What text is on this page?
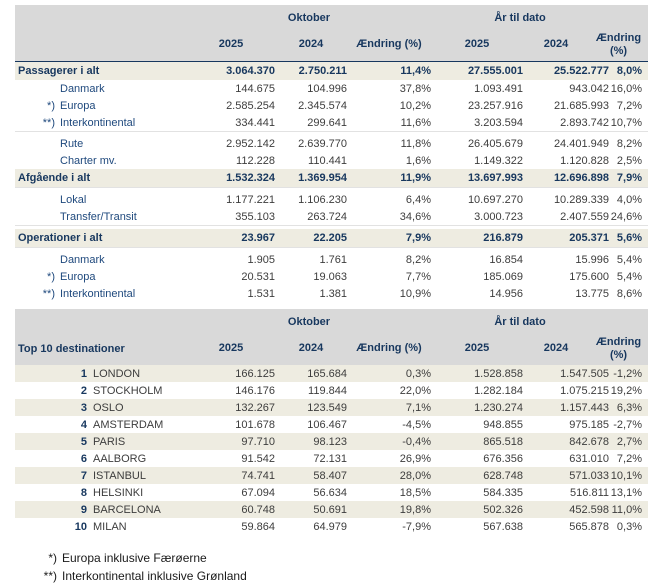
Oktober	År til dato
2025	2024	Ændring (%)	2025	2024
Ændring (%)
Passagerer i alt	3.064.370	2.750.211	11,4%	27.555.001	25.522.777 8,0%
Danmark	144.675	104.996	37,8%	1.093.491	943.042 16,0%
*) Europa	2.585.254	2.345.574	10,2%	23.257.916	21.685.993 7,2%
**) Interkontinental	334.441	299.641	11,6%	3.203.594	2.893.742 10,7%
Rute	2.952.142	2.639.770	11,8%	26.405.679	24.401.949 8,2%
Charter mv.	112.228	110.441	1,6%	1.149.322	1.120.828 2,5%
Afgående i alt	1.532.324	1.369.954	11,9%	13.697.993	12.696.898 7,9%
Lokal	1.177.221	1.106.230	6,4%	10.697.270	10.289.339 4,0%
Transfer/Transit	355.103	263.724	34,6%	3.000.723	2.407.559 24,6%
Operationer i alt	23.967	22.205	7,9%	216.879	205.371 5,6%
Danmark	1.905	1.761	8,2%	16.854	15.996 5,4%
*) Europa	20.531	19.063	7,7%	185.069	175.600 5,4%
**) Interkontinental	1.531	1.381	10,9%	14.956	13.775 8,6%
Oktober	År til dato
Top 10 destinationer	2025	2024	Ændring (%)	2025	2024
Ændring (%)
1 LONDON	166.125	165.684	0,3%	1.528.858	1.547.505 -1,2%
2 STOCKHOLM	146.176	119.844	22,0%	1.282.184	1.075.215 19,2%
3 OSLO	132.267	123.549	7,1%	1.230.274	1.157.443 6,3%
4 AMSTERDAM	101.678	106.467	-4,5%	948.855	975.185 -2,7%
5 PARIS	97.710	98.123	-0,4%	865.518	842.678 2,7%
6 AALBORG	91.542	72.131	26,9%	676.356	631.010 7,2%
7 ISTANBUL	74.741	58.407	28,0%	628.748	571.033 10,1%
8 HELSINKI	67.094	56.634	18,5%	584.335	516.811 13,1%
9 BARCELONA	60.748	50.691	19,8%	502.326	452.598 11,0%
10 MILAN	59.864	64.979	-7,9%	567.638	565.878 0,3%
*) Europa inklusive Færøerne
**) Interkontinental inklusive Grønland
